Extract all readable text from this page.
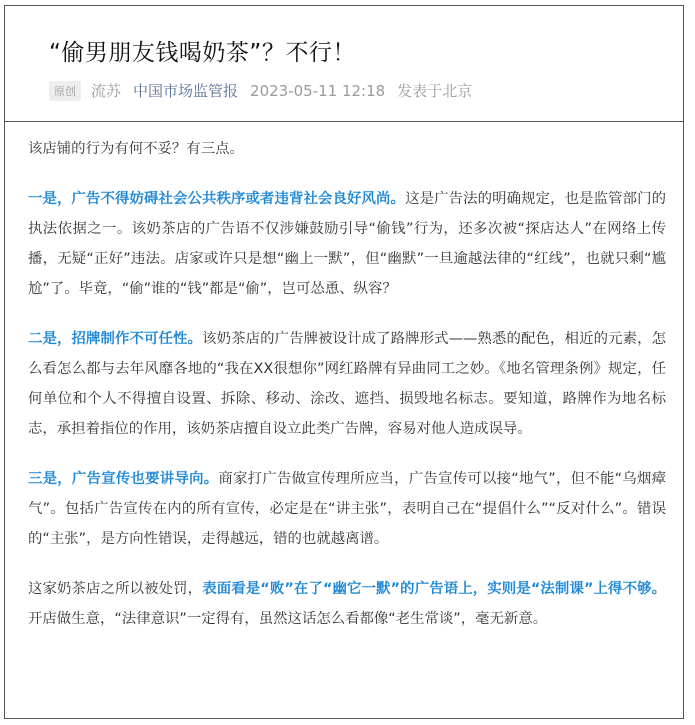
“偷男朋友钱喝奶茶”？不行！
原创	流苏 中国市场监管报 2023-05-11 12:18 发表于北京

该店铺的行为有何不妥？有三点。

一是，广告不得妨碍社会公共秩序或者违背社会良好风尚。这是广告法的明确规定，也是监管部门的执法依据之一。该奶茶店的广告语不仅涉嫌鼓励引导“偷钱”行为，还多次被“探店达人”在网络上传播，无疑“正好”违法。店家或许只是想“幽上一默”，但“幽默”一旦逾越法律的“红线”，也就只剩“尴尬”了。毕竟，“偷”谁的“钱”都是“偷”，岂可怂恿、纵容？

二是，招牌制作不可任性。该奶茶店的广告牌被设计成了路牌形式——熟悉的配色，相近的元素，怎么看怎么都与去年风靡各地的“我在XX很想你”网红路牌有异曲同工之妙。《地名管理条例》规定，任何单位和个人不得擅自设置、拆除、移动、涂改、遮挡、损毁地名标志。要知道，路牌作为地名标志，承担着指位的作用，该奶茶店擅自设立此类广告牌，容易对他人造成误导。

三是，广告宣传也要讲导向。商家打广告做宣传理所应当，广告宣传可以接“地气”，但不能“乌烟瘴气”。包括广告宣传在内的所有宣传，必定是在“讲主张”，表明自己在“提倡什么”“反对什么”。错误的“主张”，是方向性错误，走得越远，错的也就越离谱。

这家奶茶店之所以被处罚，表面看是“败”在了“幽它一默”的广告语上，实则是“法制课”上得不够。开店做生意，“法律意识”一定得有，虽然这话怎么看都像“老生常谈”，毫无新意。
